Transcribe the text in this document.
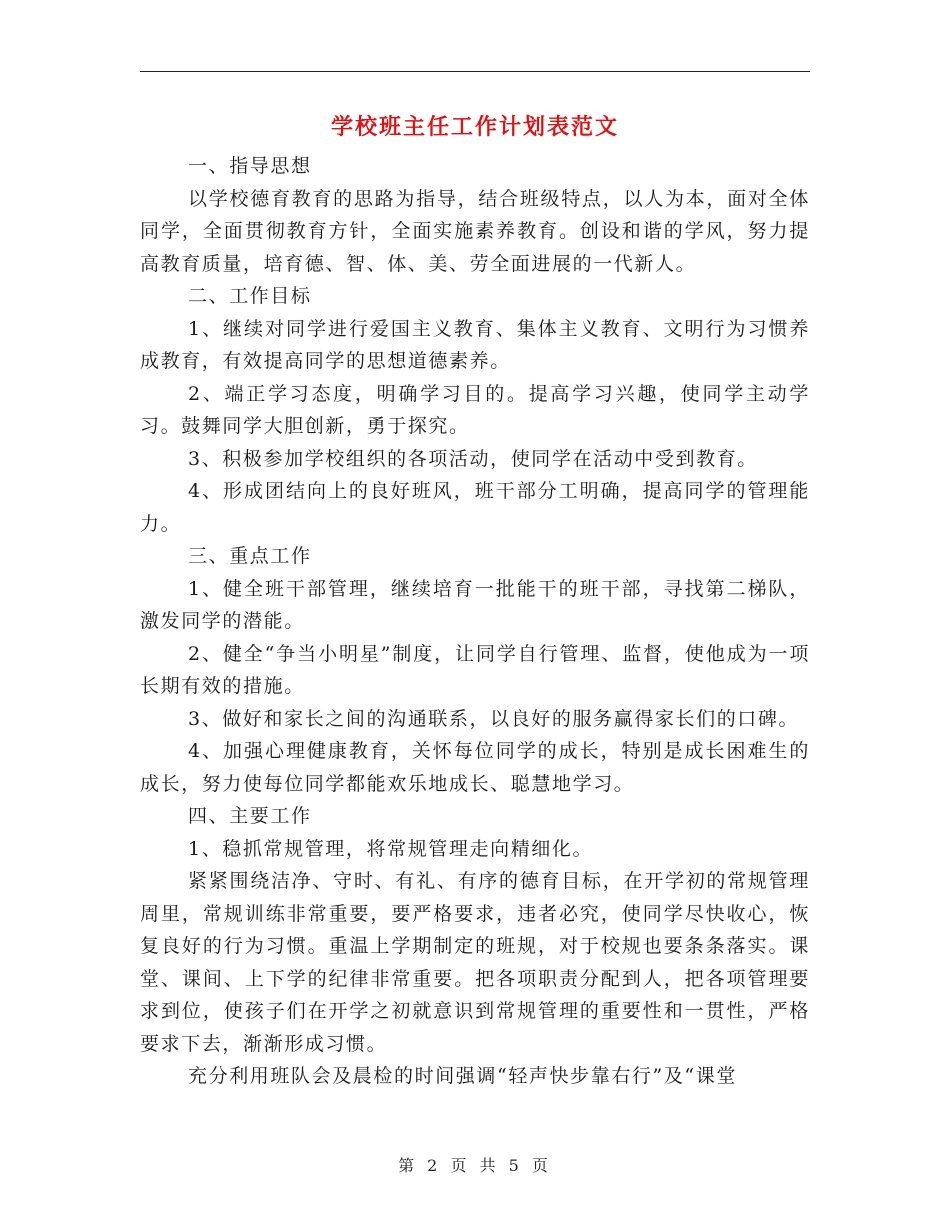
学校班主任工作计划表范文

一、指导思想

以学校德育教育的思路为指导，结合班级特点，以人为本，面对全体同学，全面贯彻教育方针，全面实施素养教育。创设和谐的学风，努力提高教育质量，培育德、智、体、美、劳全面进展的一代新人。

二、工作目标

1、继续对同学进行爱国主义教育、集体主义教育、文明行为习惯养成教育，有效提高同学的思想道德素养。

2、端正学习态度，明确学习目的。提高学习兴趣，使同学主动学习。鼓舞同学大胆创新，勇于探究。

3、积极参加学校组织的各项活动，使同学在活动中受到教育。

4、形成团结向上的良好班风，班干部分工明确，提高同学的管理能力。

三、重点工作

1、健全班干部管理，继续培育一批能干的班干部，寻找第二梯队，激发同学的潜能。

2、健全“争当小明星”制度，让同学自行管理、监督，使他成为一项长期有效的措施。

3、做好和家长之间的沟通联系，以良好的服务赢得家长们的口碑。

4、加强心理健康教育，关怀每位同学的成长，特别是成长困难生的成长，努力使每位同学都能欢乐地成长、聪慧地学习。

四、主要工作

1、稳抓常规管理，将常规管理走向精细化。

紧紧围绕洁净、守时、有礼、有序的德育目标，在开学初的常规管理周里，常规训练非常重要，要严格要求，违者必究，使同学尽快收心，恢复良好的行为习惯。重温上学期制定的班规，对于校规也要条条落实。课堂、课间、上下学的纪律非常重要。把各项职责分配到人，把各项管理要求到位，使孩子们在开学之初就意识到常规管理的重要性和一贯性，严格要求下去，渐渐形成习惯。

充分利用班队会及晨检的时间强调“轻声快步靠右行”及“课堂

第 2 页 共 5 页
